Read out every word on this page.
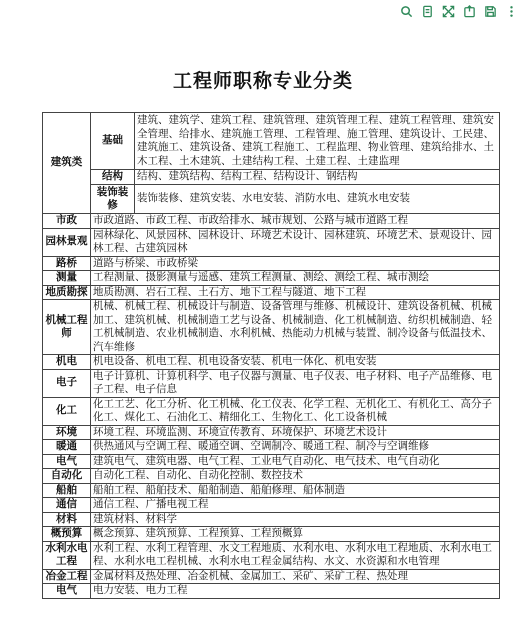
工程师职称专业分类
建筑类	基础	建筑、建筑学、建筑工程、建筑管理、建筑管理工程、建筑工程管理、建筑安全管理、给排水、建筑施工管理、工程管理、施工管理、建筑设计、工民建、建筑施工、建筑设备、建筑工程施工、工程监理、物业管理、建筑给排水、土木工程、土木建筑、土建结构工程、土建工程、土建监理
	结构	结构、建筑结构、结构工程、结构设计、钢结构
	装饰装修	装饰装修、建筑安装、水电安装、消防水电、建筑水电安装
市政	市政道路、市政工程、市政给排水、城市规划、公路与城市道路工程	
园林景观	园林绿化、风景园林、园林设计、环境艺术设计、园林建筑、环境艺术、景观设计、园林工程、古建筑园林	
路桥	道路与桥梁、市政桥梁	
测量	工程测量、摄影测量与遥感、建筑工程测量、测绘、测绘工程、城市测绘	
地质勘探	地质勘测、岩石工程、土石方、地下工程与隧道、地下工程	
机械工程师	机械、机械工程、机械设计与制造、设备管理与维修、机械设计、建筑设备机械、机械加工、建筑机械、机械制造工艺与设备、机械制造、化工机械制造、纺织机械制造、轻工机械制造、农业机械制造、水利机械、热能动力机械与装置、制冷设备与低温技术、汽车维修	
机电	机电设备、机电工程、机电设备安装、机电一体化、机电安装	
电子	电子计算机、计算机科学、电子仪器与测量、电子仪表、电子材料、电子产品维修、电子工程、电子信息	
化工	化工工艺、化工分析、化工机械、化工仪表、化学工程、无机化工、有机化工、高分子化工、煤化工、石油化工、精细化工、生物化工、化工设备机械	
环境	环境工程、环境监测、环境宣传教育、环境保护、环境艺术设计	
暖通	供热通风与空调工程、暖通空调、空调制冷、暖通工程、制冷与空调维修	
电气	建筑电气、建筑电器、电气工程、工业电气自动化、电气技术、电气自动化	
自动化	自动化工程、自动化、自动化控制、数控技术	
船舶	船舶工程、船舶技术、船舶制造、船舶修理、船体制造	
通信	通信工程、广播电视工程	
材料	建筑材料、材料学	
概预算	概念预算、建筑预算、工程预算、工程预概算	
水利水电工程	水利工程、水利工程管理、水文工程地质、水利水电、水利水电工程地质、水利水电工程、水利水电工程机械、水利水电工程金属结构、水文、水资源和水电管理	
冶金工程	金属材料及热处理、冶金机械、金属加工、采矿、采矿工程、热处理	
电气	电力安装、电力工程	
